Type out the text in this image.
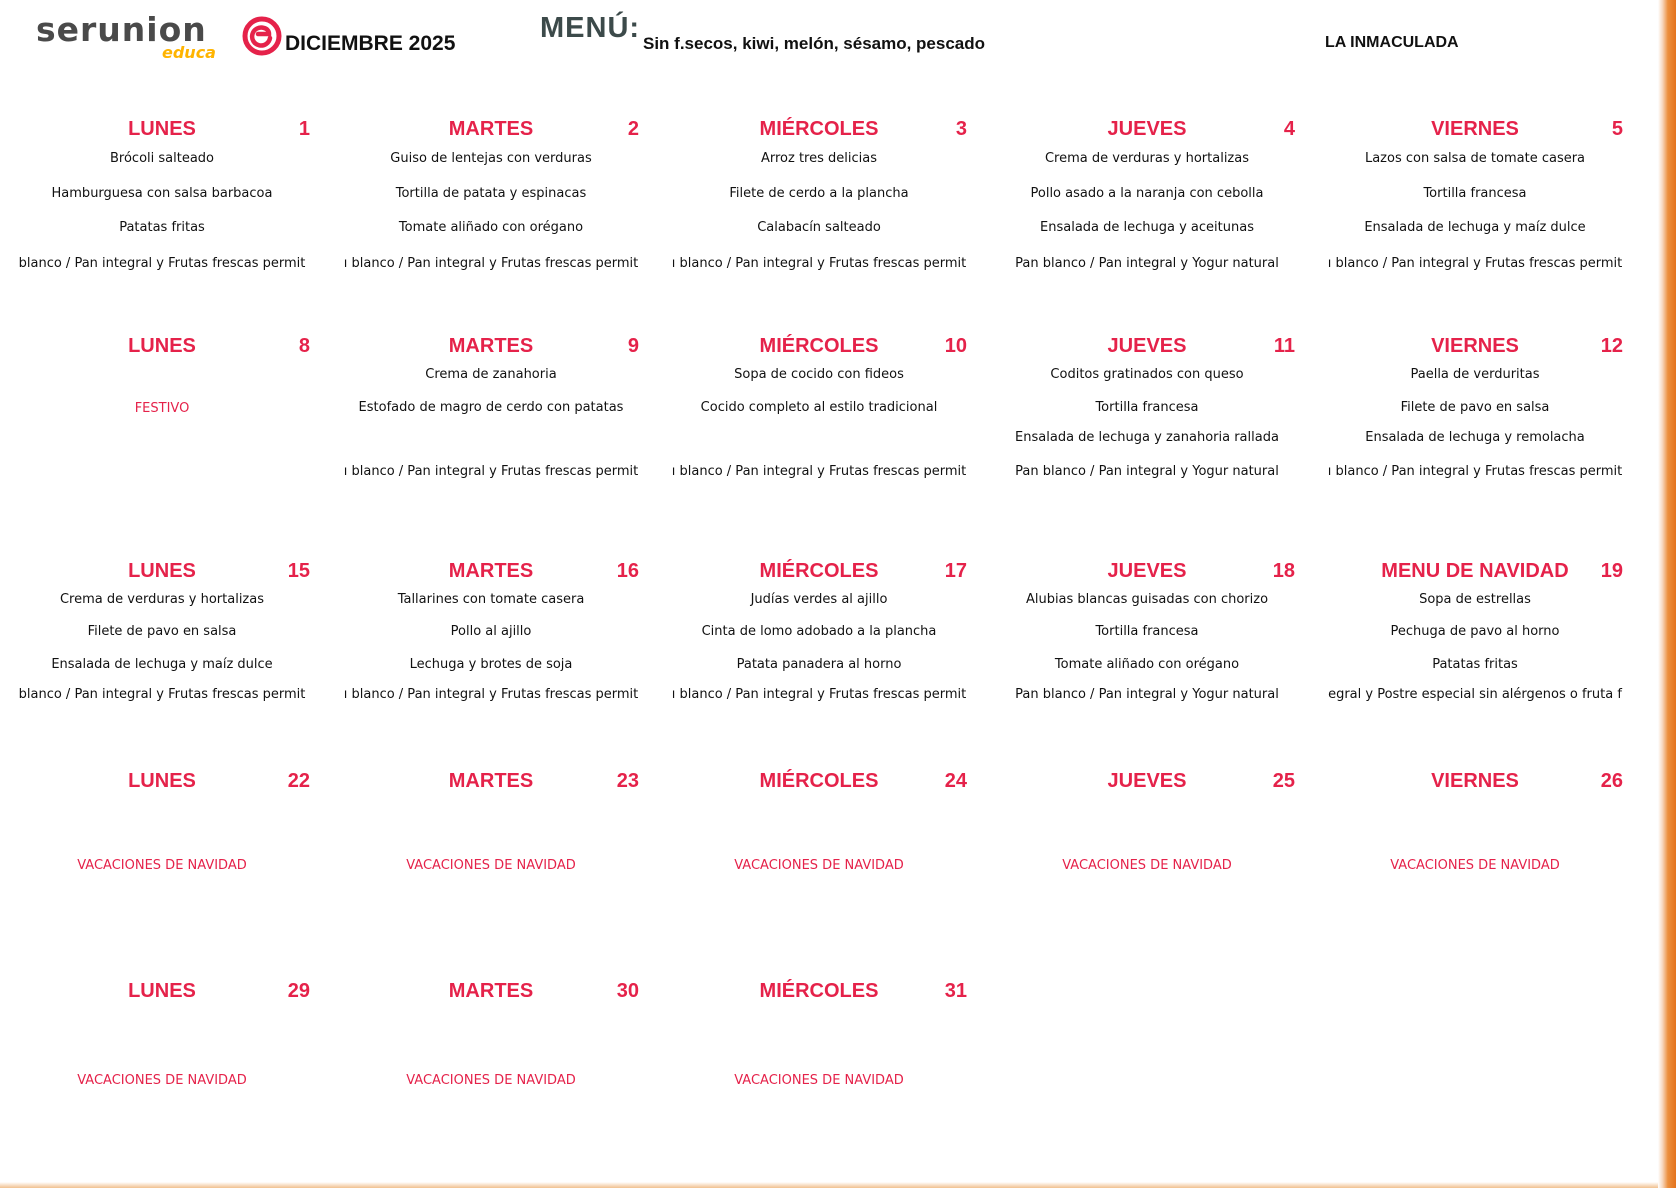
serunion
educa	DICIEMBRE 2025	MENÚ: Sin f.secos, kiwi, melón, sésamo, pescado	LA INMACULADA
LUNES	1
Brócoli salteado
Hamburguesa con salsa barbacoa
Patatas fritas
blanco / Pan integral y Frutas frescas permit
MARTES	2
Guiso de lentejas con verduras
Tortilla de patata y espinacas
Tomate aliñado con orégano
ı blanco / Pan integral y Frutas frescas permit
MIÉRCOLES	3
Arroz tres delicias
Filete de cerdo a la plancha
Calabacín salteado
ı blanco / Pan integral y Frutas frescas permit
JUEVES	4
Crema de verduras y hortalizas
Pollo asado a la naranja con cebolla
Ensalada de lechuga y aceitunas
Pan blanco / Pan integral y Yogur natural
VIERNES	5
Lazos con salsa de tomate casera
Tortilla francesa
Ensalada de lechuga y maíz dulce
ı blanco / Pan integral y Frutas frescas permit
LUNES	8
FESTIVO
MARTES	9
Crema de zanahoria
Estofado de magro de cerdo con patatas
ı blanco / Pan integral y Frutas frescas permit
MIÉRCOLES	10
Sopa de cocido con fideos
Cocido completo al estilo tradicional
ı blanco / Pan integral y Frutas frescas permit
JUEVES	11
Coditos gratinados con queso
Tortilla francesa
Ensalada de lechuga y zanahoria rallada
Pan blanco / Pan integral y Yogur natural
VIERNES	12
Paella de verduritas
Filete de pavo en salsa
Ensalada de lechuga y remolacha
ı blanco / Pan integral y Frutas frescas permit
LUNES	15
Crema de verduras y hortalizas
Filete de pavo en salsa
Ensalada de lechuga y maíz dulce
blanco / Pan integral y Frutas frescas permit
MARTES	16
Tallarines con tomate casera
Pollo al ajillo
Lechuga y brotes de soja
ı blanco / Pan integral y Frutas frescas permit
MIÉRCOLES	17
Judías verdes al ajillo
Cinta de lomo adobado a la plancha
Patata panadera al horno
ı blanco / Pan integral y Frutas frescas permit
JUEVES	18
Alubias blancas guisadas con chorizo
Tortilla francesa
Tomate aliñado con orégano
Pan blanco / Pan integral y Yogur natural
MENU DE NAVIDAD	19
Sopa de estrellas
Pechuga de pavo al horno
Patatas fritas
egral y Postre especial sin alérgenos o fruta f
LUNES	22
VACACIONES DE NAVIDAD
MARTES	23
VACACIONES DE NAVIDAD
MIÉRCOLES	24
VACACIONES DE NAVIDAD
JUEVES	25
VACACIONES DE NAVIDAD
VIERNES	26
VACACIONES DE NAVIDAD
LUNES	29
VACACIONES DE NAVIDAD
MARTES	30
VACACIONES DE NAVIDAD
MIÉRCOLES	31
VACACIONES DE NAVIDAD
